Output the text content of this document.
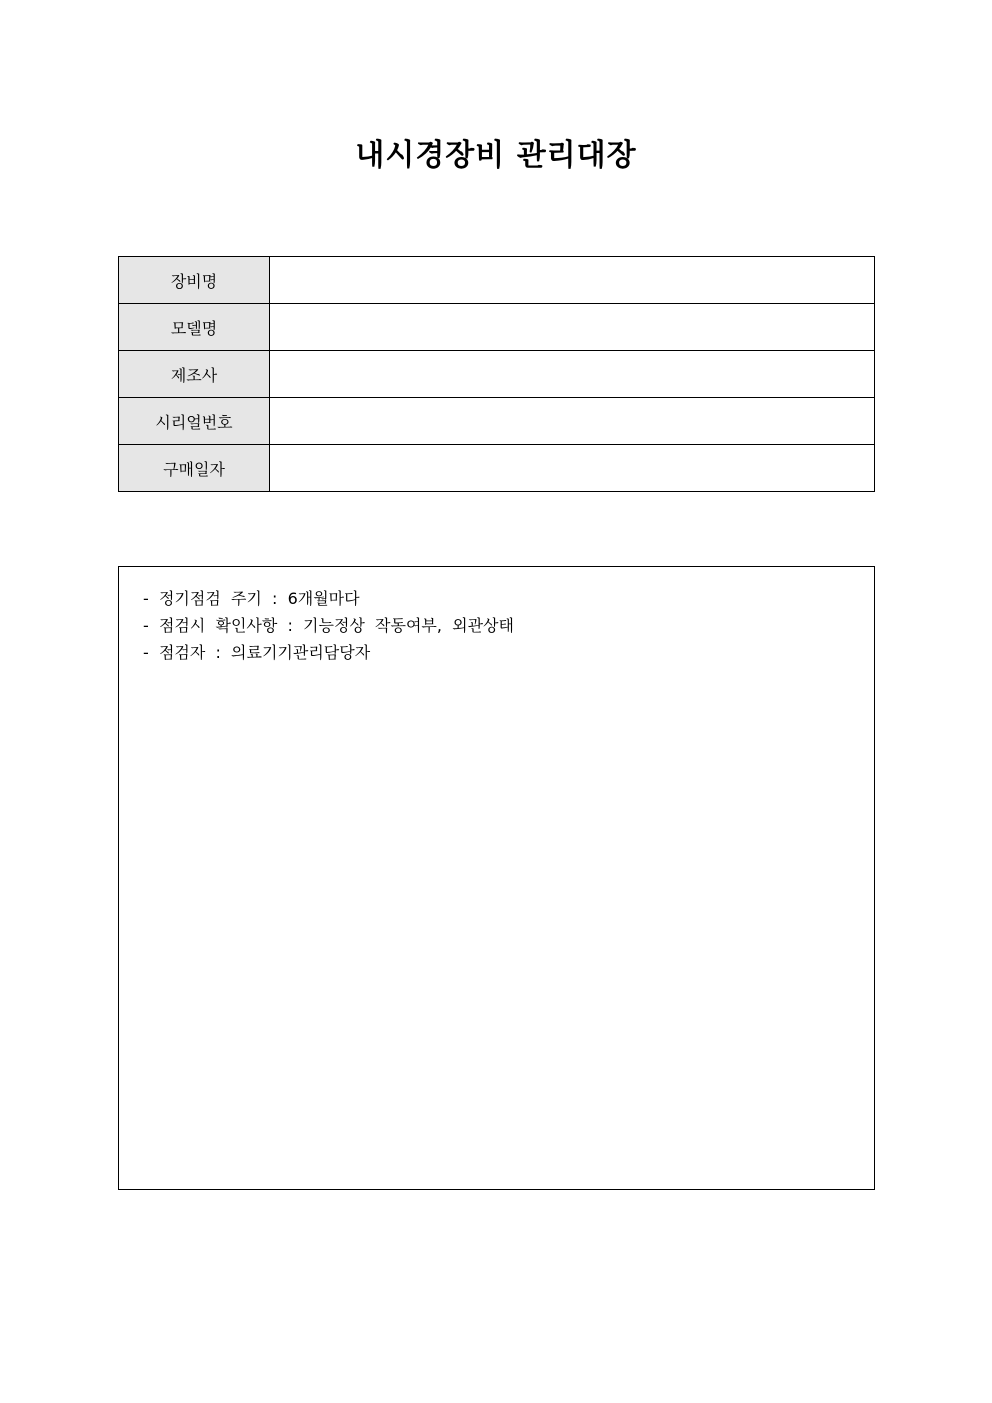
내시경장비 관리대장
장비명	
모델명	
제조사	
시리얼번호	
구매일자	
-  정기점검  주기  :  6개월마다
-  점검시  확인사항  :  기능정상  작동여부,  외관상태
-  점검자  :  의료기기관리담당자
